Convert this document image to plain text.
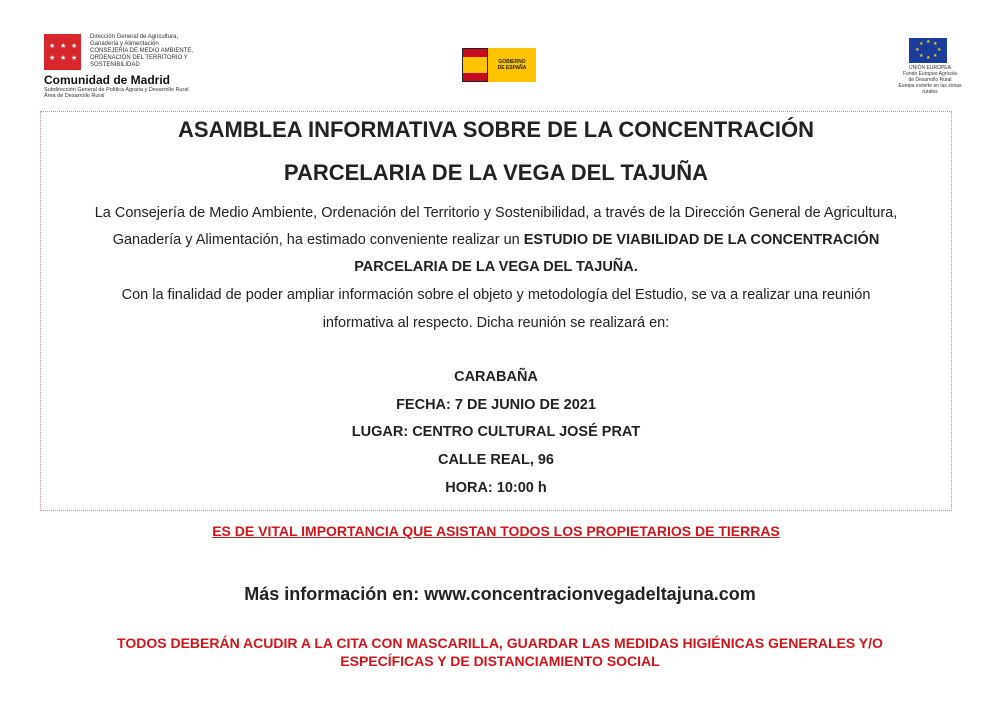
★ ★ ★
★ ★ ★
Dirección General de Agricultura,
Ganadería y Alimentación
CONSEJERÍA DE MEDIO AMBIENTE,
ORDENACIÓN DEL TERRITORIO Y
SOSTENIBILIDAD
Comunidad de Madrid
Subdirección General de Política Agraria y Desarrollo Rural
Área de Desarrollo Rural
GOBIERNO
DE ESPAÑA
★ ★
★
★
★
★
★
★
UNIÓN EUROPEA
Fondo Europeo Agrícola
de Desarrollo Rural
Europa invierte en las zonas rurales
ASAMBLEA INFORMATIVA SOBRE DE LA CONCENTRACIÓN
PARCELARIA DE LA VEGA DEL TAJUÑA
La Consejería de Medio Ambiente, Ordenación del Territorio y Sostenibilidad, a través de la Dirección General de Agricultura,
Ganadería y Alimentación, ha estimado conveniente realizar un ESTUDIO DE VIABILIDAD DE LA CONCENTRACIÓN
PARCELARIA DE LA VEGA DEL TAJUÑA.
Con la finalidad de poder ampliar información sobre el objeto y metodología del Estudio, se va a realizar una reunión
informativa al respecto. Dicha reunión se realizará en:
CARABAÑA
FECHA: 7 DE JUNIO DE 2021
LUGAR: CENTRO CULTURAL JOSÉ PRAT
CALLE REAL, 96
HORA: 10:00 h
ES DE VITAL IMPORTANCIA QUE ASISTAN TODOS LOS PROPIETARIOS DE TIERRAS
Más información en: www.concentracionvegadeltajuna.com
TODOS DEBERÁN ACUDIR A LA CITA CON MASCARILLA, GUARDAR LAS MEDIDAS HIGIÉNICAS GENERALES Y/O
ESPECÍFICAS Y DE DISTANCIAMIENTO SOCIAL
